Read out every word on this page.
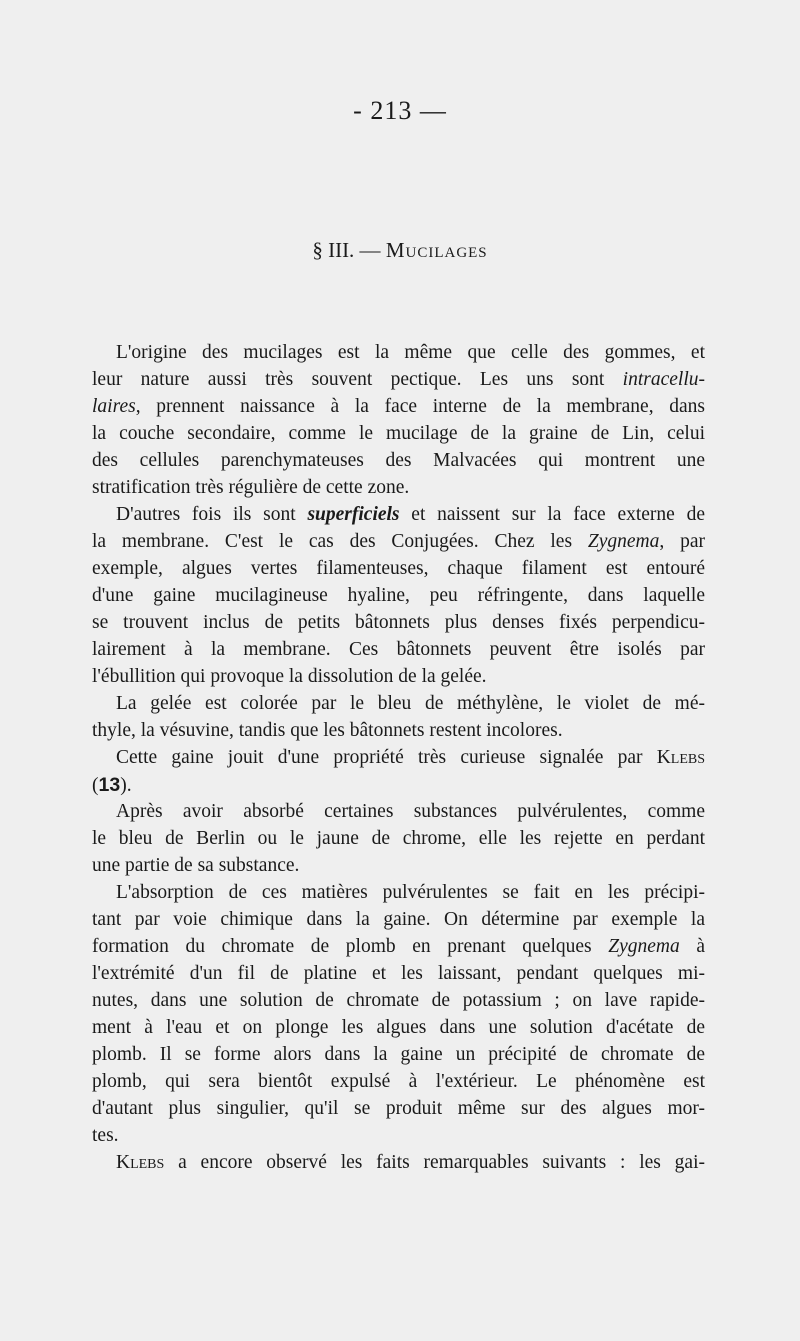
- 213 —
§ III. — Mucilages
L'origine des mucilages est la même que celle des gommes, et
leur nature aussi très souvent pectique. Les uns sont intracellu-
laires, prennent naissance à la face interne de la membrane, dans
la couche secondaire, comme le mucilage de la graine de Lin, celui
des cellules parenchymateuses des Malvacées qui montrent une
stratification très régulière de cette zone.
D'autres fois ils sont superficiels et naissent sur la face externe de
la membrane. C'est le cas des Conjugées. Chez les Zygnema, par
exemple, algues vertes filamenteuses, chaque filament est entouré
d'une gaine mucilagineuse hyaline, peu réfringente, dans laquelle
se trouvent inclus de petits bâtonnets plus denses fixés perpendicu-
lairement à la membrane. Ces bâtonnets peuvent être isolés par
l'ébullition qui provoque la dissolution de la gelée.
La gelée est colorée par le bleu de méthylène, le violet de mé-
thyle, la vésuvine, tandis que les bâtonnets restent incolores.
Cette gaine jouit d'une propriété très curieuse signalée par Klebs
(13).
Après avoir absorbé certaines substances pulvérulentes, comme
le bleu de Berlin ou le jaune de chrome, elle les rejette en perdant
une partie de sa substance.
L'absorption de ces matières pulvérulentes se fait en les précipi-
tant par voie chimique dans la gaine. On détermine par exemple la
formation du chromate de plomb en prenant quelques Zygnema à
l'extrémité d'un fil de platine et les laissant, pendant quelques mi-
nutes, dans une solution de chromate de potassium ; on lave rapide-
ment à l'eau et on plonge les algues dans une solution d'acétate de
plomb. Il se forme alors dans la gaine un précipité de chromate de
plomb, qui sera bientôt expulsé à l'extérieur. Le phénomène est
d'autant plus singulier, qu'il se produit même sur des algues mor-
tes.
Klebs a encore observé les faits remarquables suivants : les gai-
